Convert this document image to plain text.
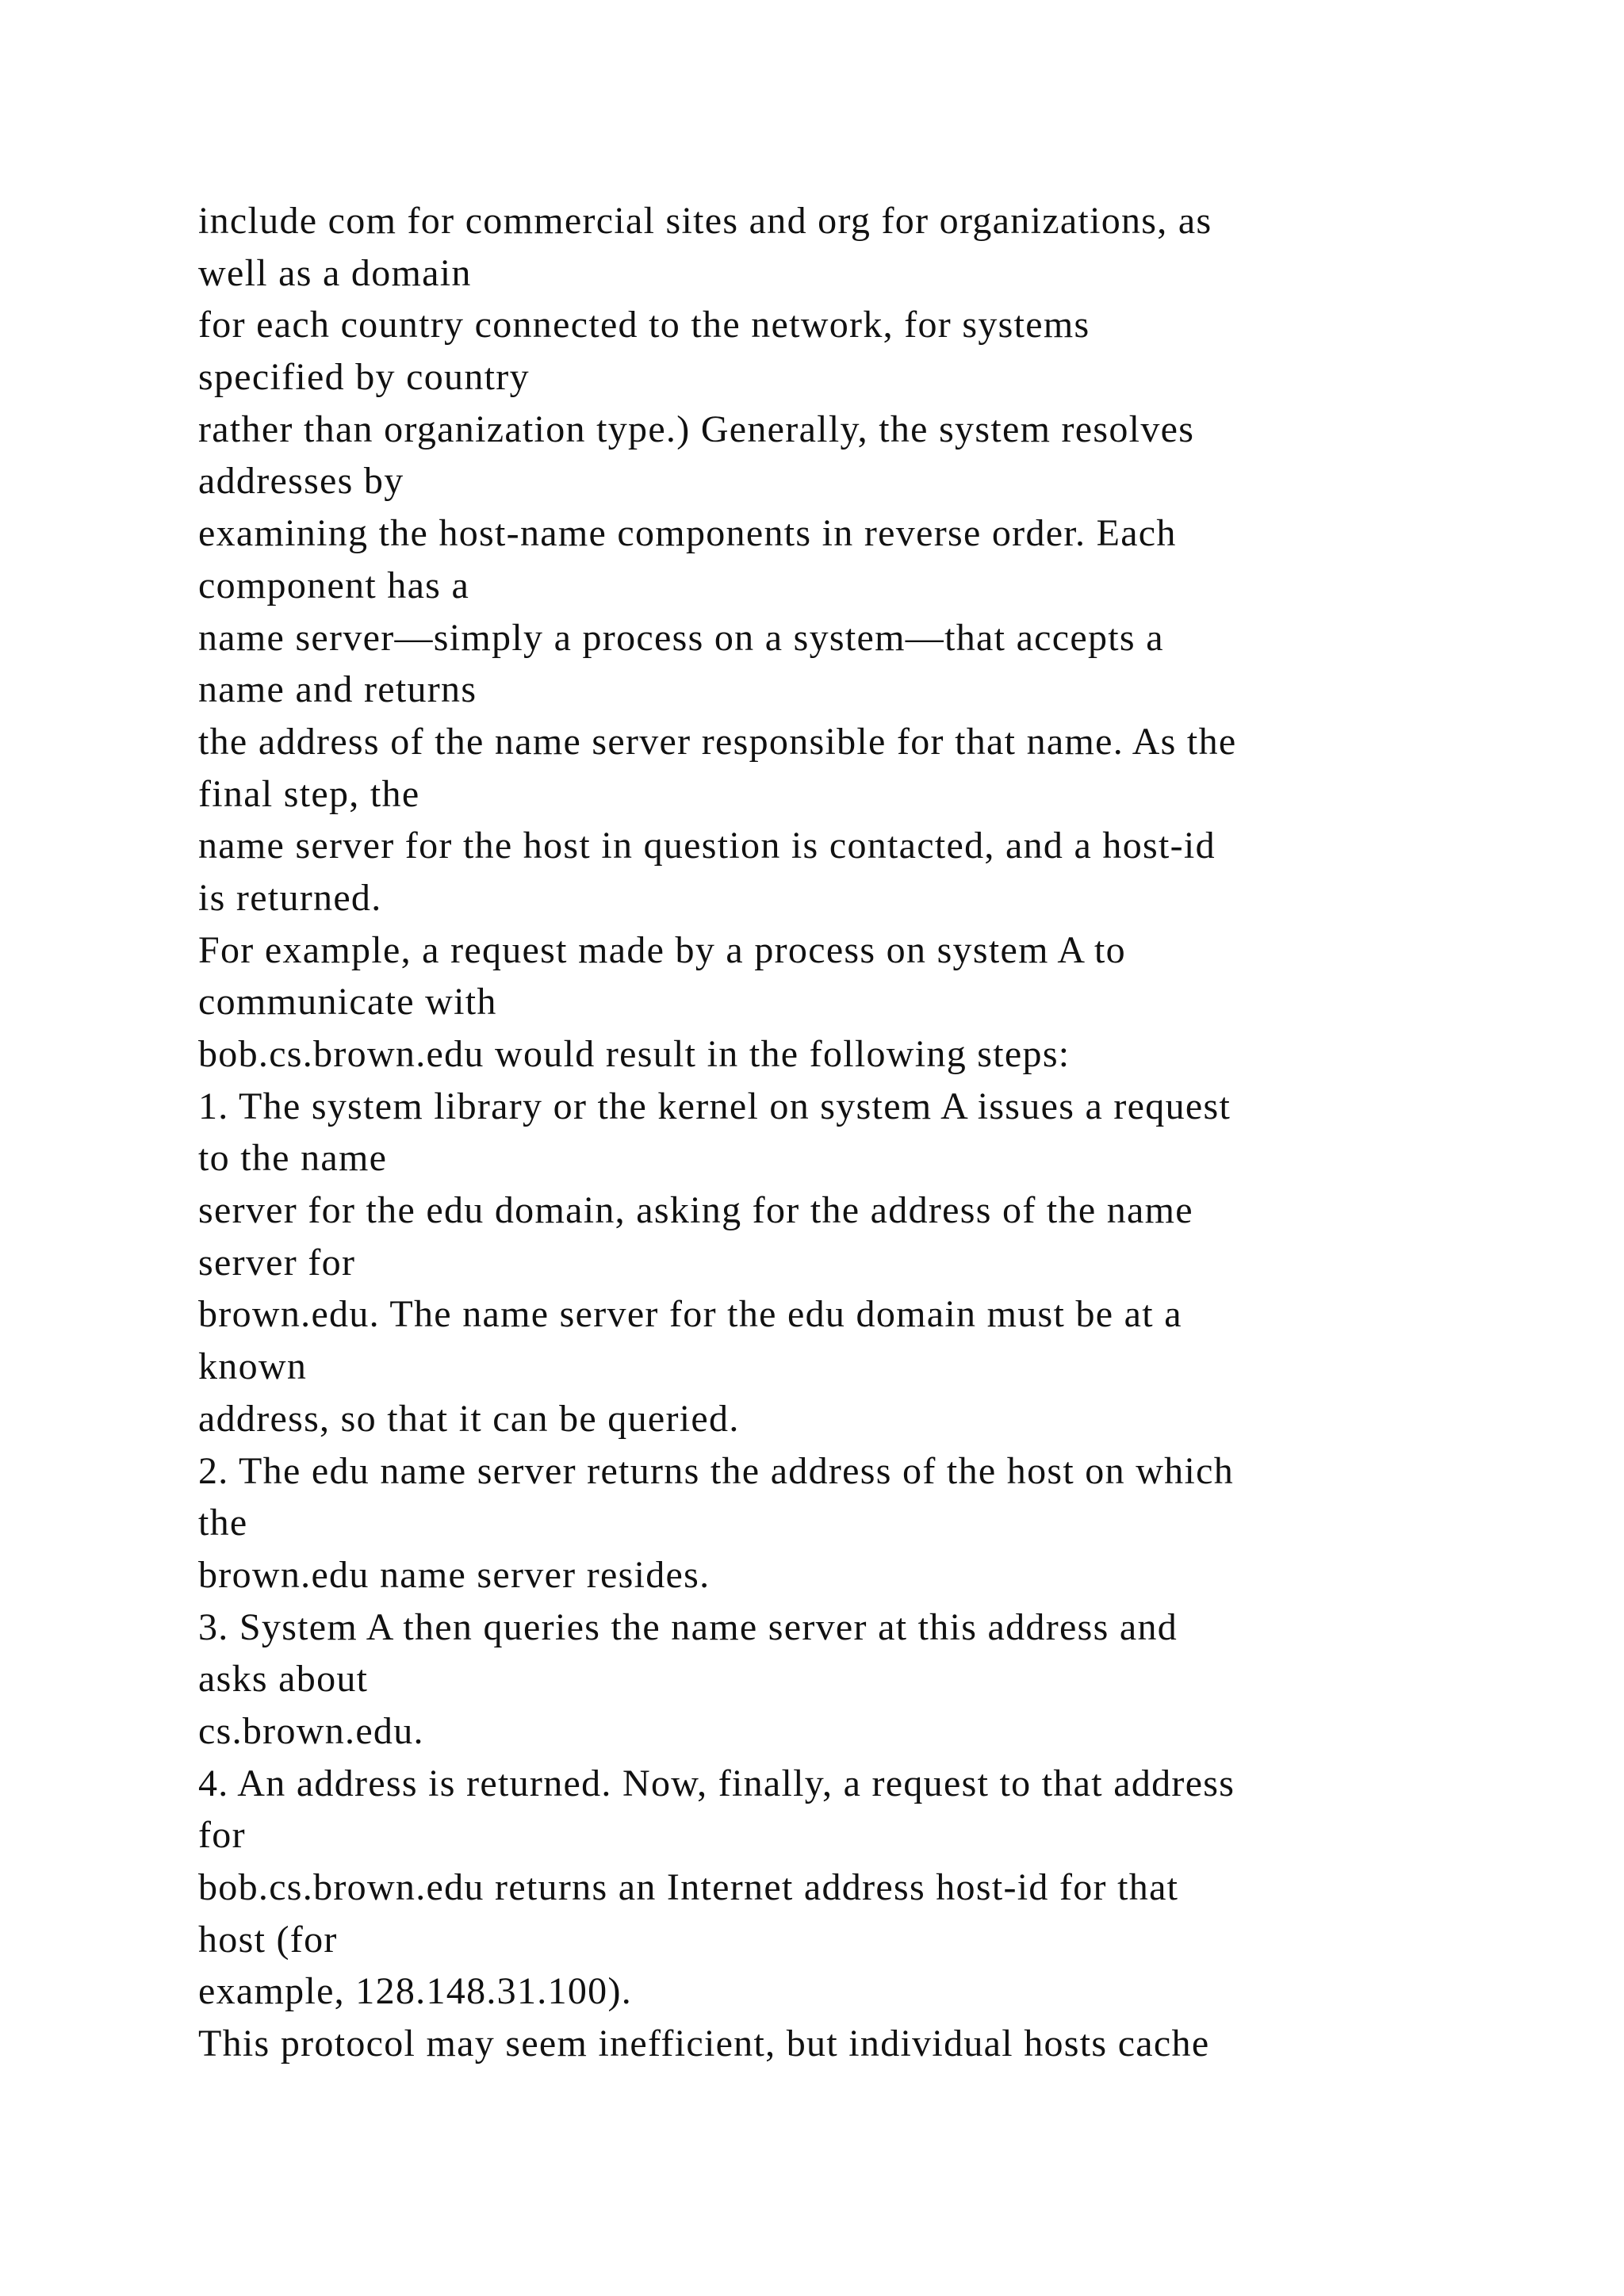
include com for commercial sites and org for organizations, as
well as a domain
for each country connected to the network, for systems
specified by country
rather than organization type.) Generally, the system resolves
addresses by
examining the host-name components in reverse order. Each
component has a
name server—simply a process on a system—that accepts a
name and returns
the address of the name server responsible for that name. As the
final step, the
name server for the host in question is contacted, and a host-id
is returned.
For example, a request made by a process on system A to
communicate with
bob.cs.brown.edu would result in the following steps:
1. The system library or the kernel on system A issues a request
to the name
server for the edu domain, asking for the address of the name
server for
brown.edu. The name server for the edu domain must be at a
known
address, so that it can be queried.
2. The edu name server returns the address of the host on which
the
brown.edu name server resides.
3. System A then queries the name server at this address and
asks about
cs.brown.edu.
4. An address is returned. Now, finally, a request to that address
for
bob.cs.brown.edu returns an Internet address host-id for that
host (for
example, 128.148.31.100).
This protocol may seem inefficient, but individual hosts cache
